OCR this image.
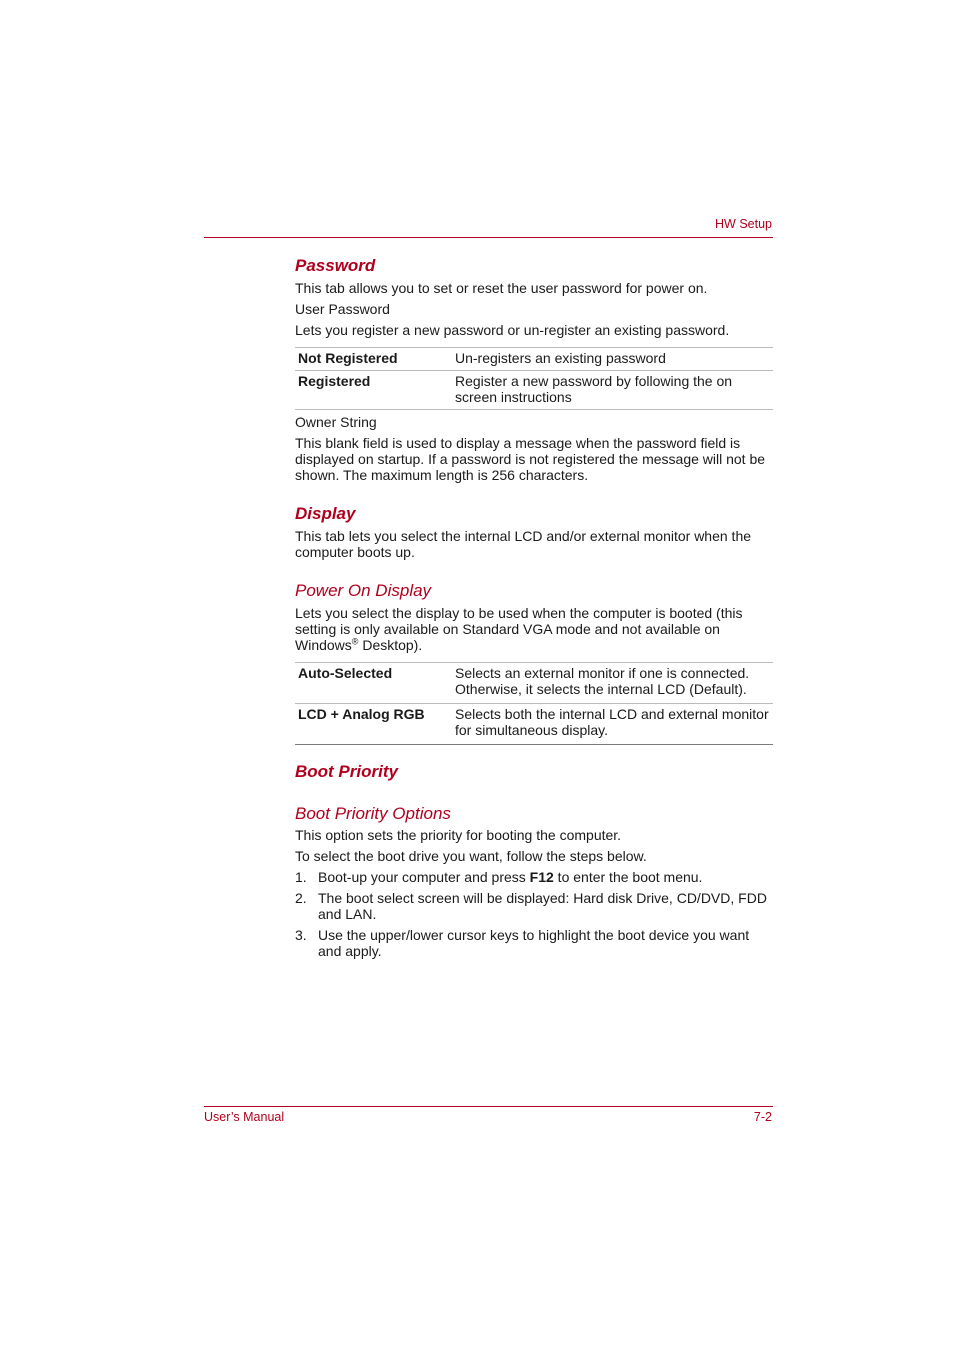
HW Setup
Password

This tab allows you to set or reset the user password for power on.

User Password

Lets you register a new password or un-register an existing password.

Not Registered	Un-registers an existing password
Registered	Register a new password by following the on screen instructions

Owner String

This blank field is used to display a message when the password field is displayed on startup. If a password is not registered the message will not be shown. The maximum length is 256 characters.

Display

This tab lets you select the internal LCD and/or external monitor when the computer boots up.

Power On Display

Lets you select the display to be used when the computer is booted (this setting is only available on Standard VGA mode and not available on Windows® Desktop).

Auto-Selected	Selects an external monitor if one is connected. Otherwise, it selects the internal LCD (Default).
LCD + Analog RGB	Selects both the internal LCD and external monitor for simultaneous display.
Boot Priority
Boot Priority Options

This option sets the priority for booting the computer.

To select the boot drive you want, follow the steps below.

1. Boot-up your computer and press F12 to enter the boot menu.
2. The boot select screen will be displayed: Hard disk Drive, CD/DVD, FDD and LAN.
3. Use the upper/lower cursor keys to highlight the boot device you want and apply.
User’s Manual	7-2
